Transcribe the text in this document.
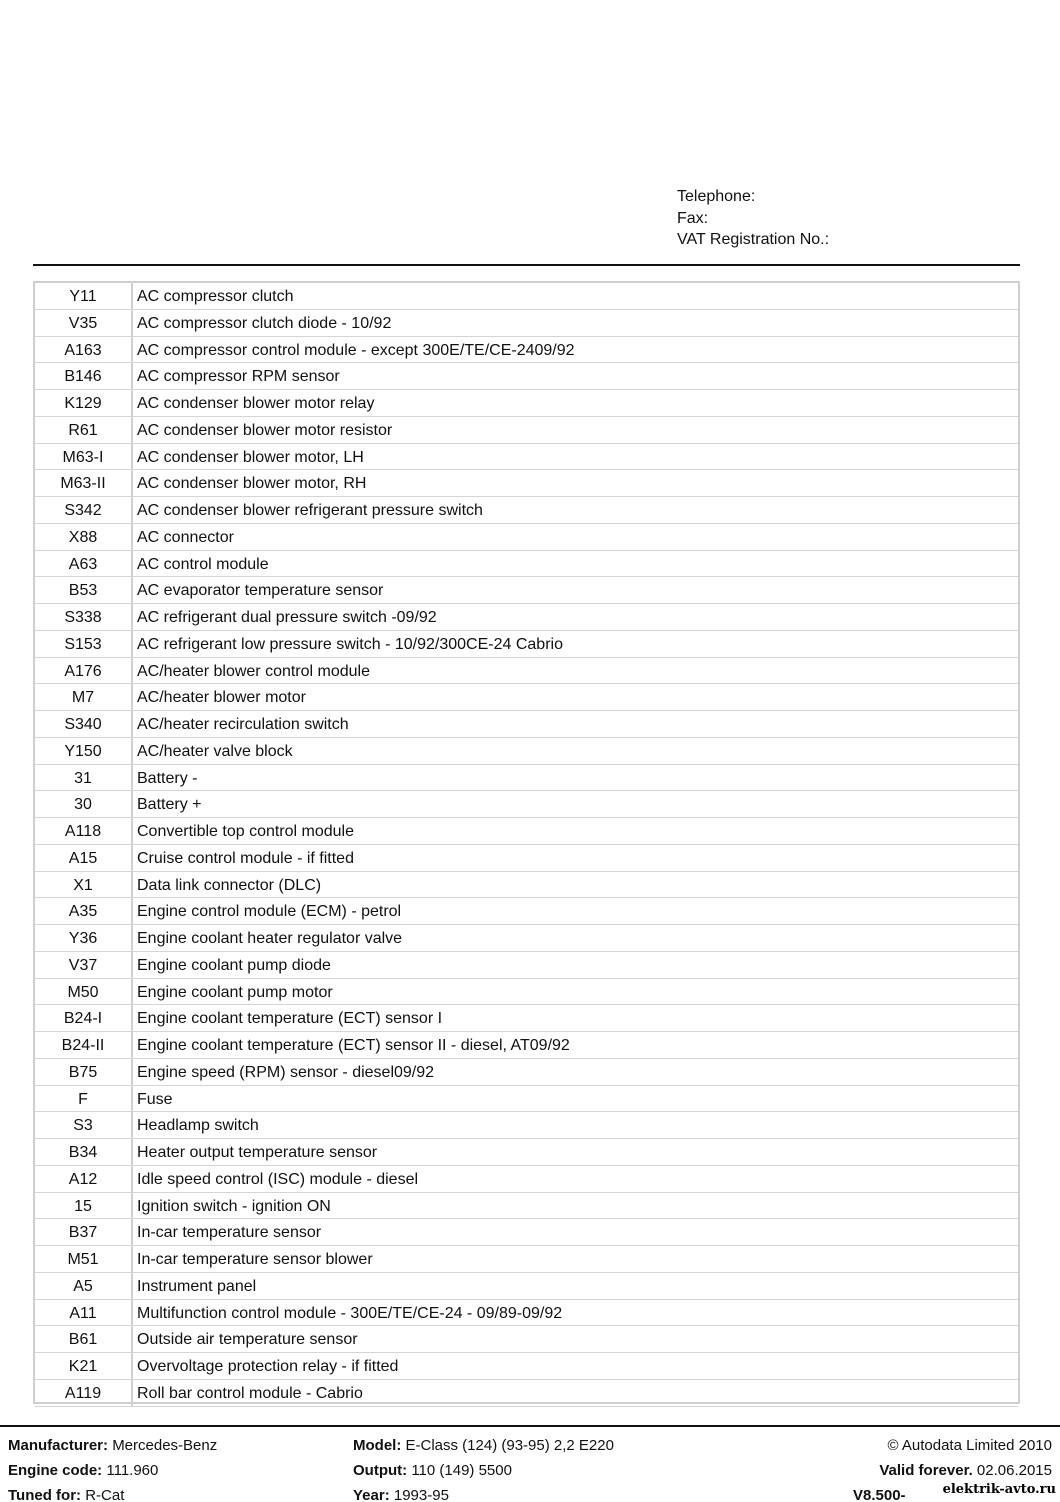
Telephone:
Fax:
VAT Registration No.:
Y11	AC compressor clutch
V35	AC compressor clutch diode - 10/92
A163	AC compressor control module - except 300E/TE/CE-2409/92
B146	AC compressor RPM sensor
K129	AC condenser blower motor relay
R61	AC condenser blower motor resistor
M63-I	AC condenser blower motor, LH
M63-II	AC condenser blower motor, RH
S342	AC condenser blower refrigerant pressure switch
X88	AC connector
A63	AC control module
B53	AC evaporator temperature sensor
S338	AC refrigerant dual pressure switch -09/92
S153	AC refrigerant low pressure switch - 10/92/300CE-24 Cabrio
A176	AC/heater blower control module
M7	AC/heater blower motor
S340	AC/heater recirculation switch
Y150	AC/heater valve block
31	Battery -
30	Battery +
A118	Convertible top control module
A15	Cruise control module - if fitted
X1	Data link connector (DLC)
A35	Engine control module (ECM) - petrol
Y36	Engine coolant heater regulator valve
V37	Engine coolant pump diode
M50	Engine coolant pump motor
B24-I	Engine coolant temperature (ECT) sensor I
B24-II	Engine coolant temperature (ECT) sensor II - diesel, AT09/92
B75	Engine speed (RPM) sensor - diesel09/92
F	Fuse
S3	Headlamp switch
B34	Heater output temperature sensor
A12	Idle speed control (ISC) module - diesel
15	Ignition switch - ignition ON
B37	In-car temperature sensor
M51	In-car temperature sensor blower
A5	Instrument panel
A11	Multifunction control module - 300E/TE/CE-24 - 09/89-09/92
B61	Outside air temperature sensor
K21	Overvoltage protection relay - if fitted
A119	Roll bar control module - Cabrio
Manufacturer: Mercedes-Benz
Engine code: 111.960
Tuned for: R-Cat
Model: E-Class (124) (93-95) 2,2 E220
Output: 110 (149) 5500
Year: 1993-95
© Autodata Limited 2010
Valid forever. 02.06.2015
V8.500-	elektrik-avto.ru
